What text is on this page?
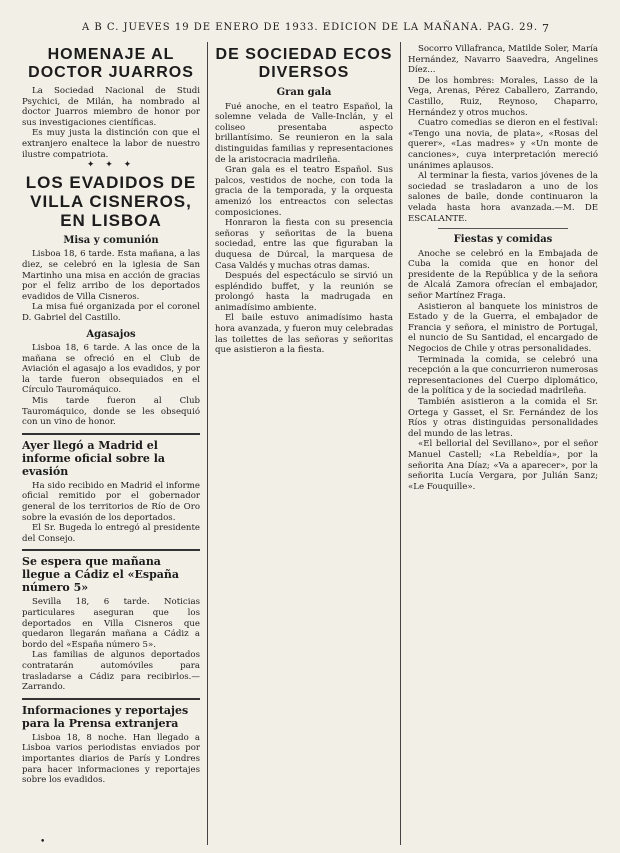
A B C. JUEVES 19 DE ENERO DE 1933. EDICION DE LA MAÑANA. PAG. 29. 7
HOMENAJE AL DOCTOR JUARROS

La Sociedad Nacional de Studi Psychici, de Milán, ha nombrado al doctor Juarros miembro de honor por sus investigaciones científicas.

Es muy justa la distinción con que el extranjero enaltece la labor de nuestro ilustre compatriota.

✦ ✦ ✦
LOS EVADIDOS DE VILLA CISNEROS, EN LISBOA
Misa y comunión

Lisboa 18, 6 tarde. Esta mañana, a las diez, se celebró en la iglesia de San Martinho una misa en acción de gracias por el feliz arribo de los deportados evadidos de Villa Cisneros.

La misa fué organizada por el coronel D. Gabriel del Castillo.

Agasajos

Lisboa 18, 6 tarde. A las once de la mañana se ofreció en el Club de Aviación el agasajo a los evadidos, y por la tarde fueron obsequiados en el Círculo Tauromáquico.

Mis tarde fueron al Club Tauromáquico, donde se les obsequió con un vino de honor.

Ayer llegó a Madrid el informe oficial sobre la evasión

Ha sido recibido en Madrid el informe oficial remitido por el gobernador general de los territorios de Río de Oro sobre la evasión de los deportados.

El Sr. Bugeda lo entregó al presidente del Consejo.

Se espera que mañana llegue a Cádiz el «España número 5»

Sevilla 18, 6 tarde. Noticias particulares aseguran que los deportados en Villa Cisneros que quedaron llegarán mañana a Cádiz a bordo del «España número 5».

Las familias de algunos deportados contratarán automóviles para trasladarse a Cádiz para recibirlos.—Zarrando.

Informaciones y reportajes para la Prensa extranjera

Lisboa 18, 8 noche. Han llegado a Lisboa varios periodistas enviados por importantes diarios de París y Londres para hacer informaciones y reportajes sobre los evadidos.

DE SOCIEDAD ECOS DIVERSOS
Gran gala

Fué anoche, en el teatro Español, la solemne velada de Valle-Inclán, y el coliseo presentaba aspecto brillantísimo. Se reunieron en la sala distinguidas familias y representaciones de la aristocracia madrileña.

Gran gala es el teatro Español. Sus palcos, vestidos de noche, con toda la gracia de la temporada, y la orquesta amenizó los entreactos con selectas composiciones.

Honraron la fiesta con su presencia señoras y señoritas de la buena sociedad, entre las que figuraban la duquesa de Dúrcal, la marquesa de Casa Valdés y muchas otras damas.

Después del espectáculo se sirvió un espléndido buffet, y la reunión se prolongó hasta la madrugada en animadísimo ambiente.

El baile estuvo animadísimo hasta hora avanzada, y fueron muy celebradas las toilettes de las señoras y señoritas que asistieron a la fiesta.

Socorro Villafranca, Matilde Soler, María Hernández, Navarro Saavedra, Angelines Díez...

De los hombres: Morales, Lasso de la Vega, Arenas, Pérez Caballero, Zarrando, Castillo, Ruiz, Reynoso, Chaparro, Hernández y otros muchos.

Cuatro comedias se dieron en el festival: «Tengo una novia, de plata», «Rosas del querer», «Las madres» y «Un monte de canciones», cuya interpretación mereció unánimes aplausos.

Al terminar la fiesta, varios jóvenes de la sociedad se trasladaron a uno de los salones de baile, donde continuaron la velada hasta hora avanzada.—M. DE ESCALANTE.

Fiestas y comidas

Anoche se celebró en la Embajada de Cuba la comida que en honor del presidente de la República y de la señora de Alcalá Zamora ofrecían el embajador, señor Martínez Fraga.

Asistieron al banquete los ministros de Estado y de la Guerra, el embajador de Francia y señora, el ministro de Portugal, el nuncio de Su Santidad, el encargado de Negocios de Chile y otras personalidades.

Terminada la comida, se celebró una recepción a la que concurrieron numerosas representaciones del Cuerpo diplomático, de la política y de la sociedad madrileña.

También asistieron a la comida el Sr. Ortega y Gasset, el Sr. Fernández de los Ríos y otras distinguidas personalidades del mundo de las letras.

«El bellorial del Sevillano», por el señor Manuel Castell; «La Rebeldía», por la señorita Ana Díaz; «Va a aparecer», por la señorita Lucía Vergara, por Julián Sanz; «Le Fouquille».

•
